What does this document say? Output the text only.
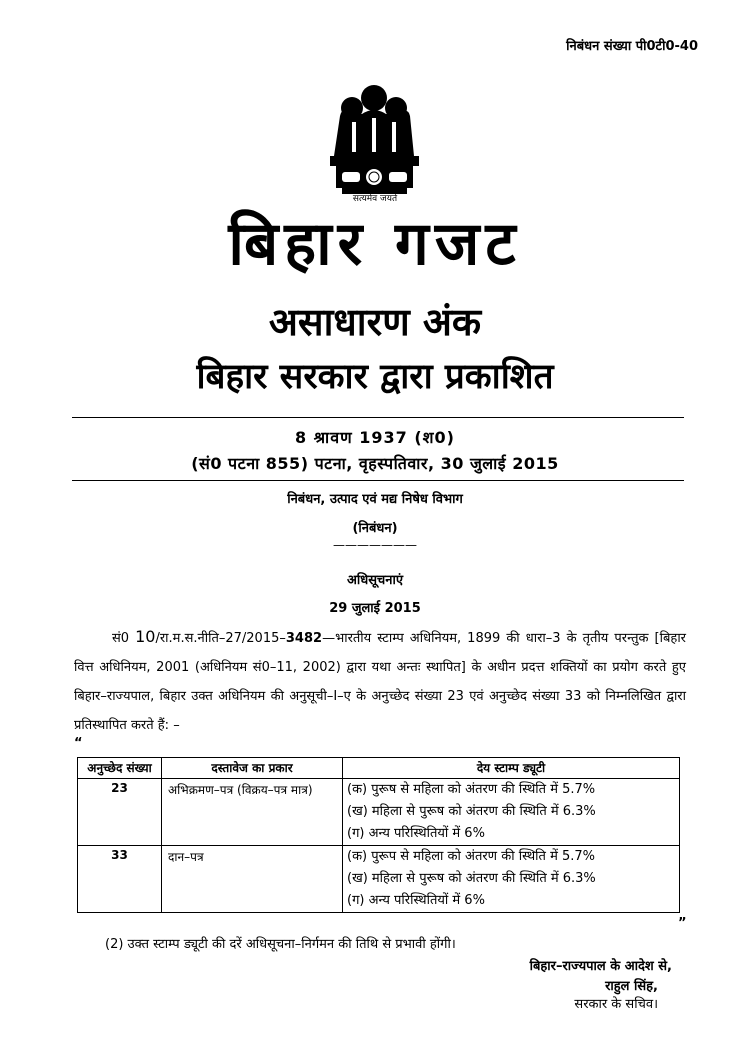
निबंधन संख्या पी0टी0-40
सत्यमेव जयते
बिहार गजट
असाधारण अंक
बिहार सरकार द्वारा प्रकाशित
8 श्रावण 1937 (श0)
(सं0 पटना 855) पटना, वृहस्पतिवार, 30 जुलाई 2015
निबंधन, उत्पाद एवं मद्य निषेध विभाग
(निबंधन)
———————
अधिसूचनाएं
29 जुलाई 2015

सं0 10/रा.म.स.नीति–27/2015–3482—भारतीय स्टाम्प अधिनियम, 1899 की धारा–3 के तृतीय परन्तुक [बिहार वित्त अधिनियम, 2001 (अधिनियम सं0–11, 2002) द्वारा यथा अन्तः स्थापित] के अधीन प्रदत्त शक्तियों का प्रयोग करते हुए बिहार–राज्यपाल, बिहार उक्त अधिनियम की अनुसूची–I–ए के अनुच्छेद संख्या 23 एवं अनुच्छेद संख्या 33 को निम्नलिखित द्वारा प्रतिस्थापित करते हैं: –

“
अनुच्छेद संख्या	दस्तावेज का प्रकार	देय स्टाम्प ड्यूटी
23	अभिक्रमण–पत्र (विक्रय–पत्र मात्र)	(क) पुरूष से महिला को अंतरण की स्थिति में 5.7%
(ख) महिला से पुरूष को अंतरण की स्थिति में 6.3%
(ग) अन्य परिस्थितियों में 6%

33	दान–पत्र	(क) पुरूप से महिला को अंतरण की स्थिति में 5.7%
(ख) महिला से पुरूष को अंतरण की स्थिति में 6.3%
(ग) अन्य परिस्थितियों में 6%
”
(2) उक्त स्टाम्प ड्यूटी की दरें अधिसूचना–निर्गमन की तिथि से प्रभावी होंगी।
बिहार–राज्यपाल के आदेश से,
राहुल सिंह,
सरकार के सचिव।
